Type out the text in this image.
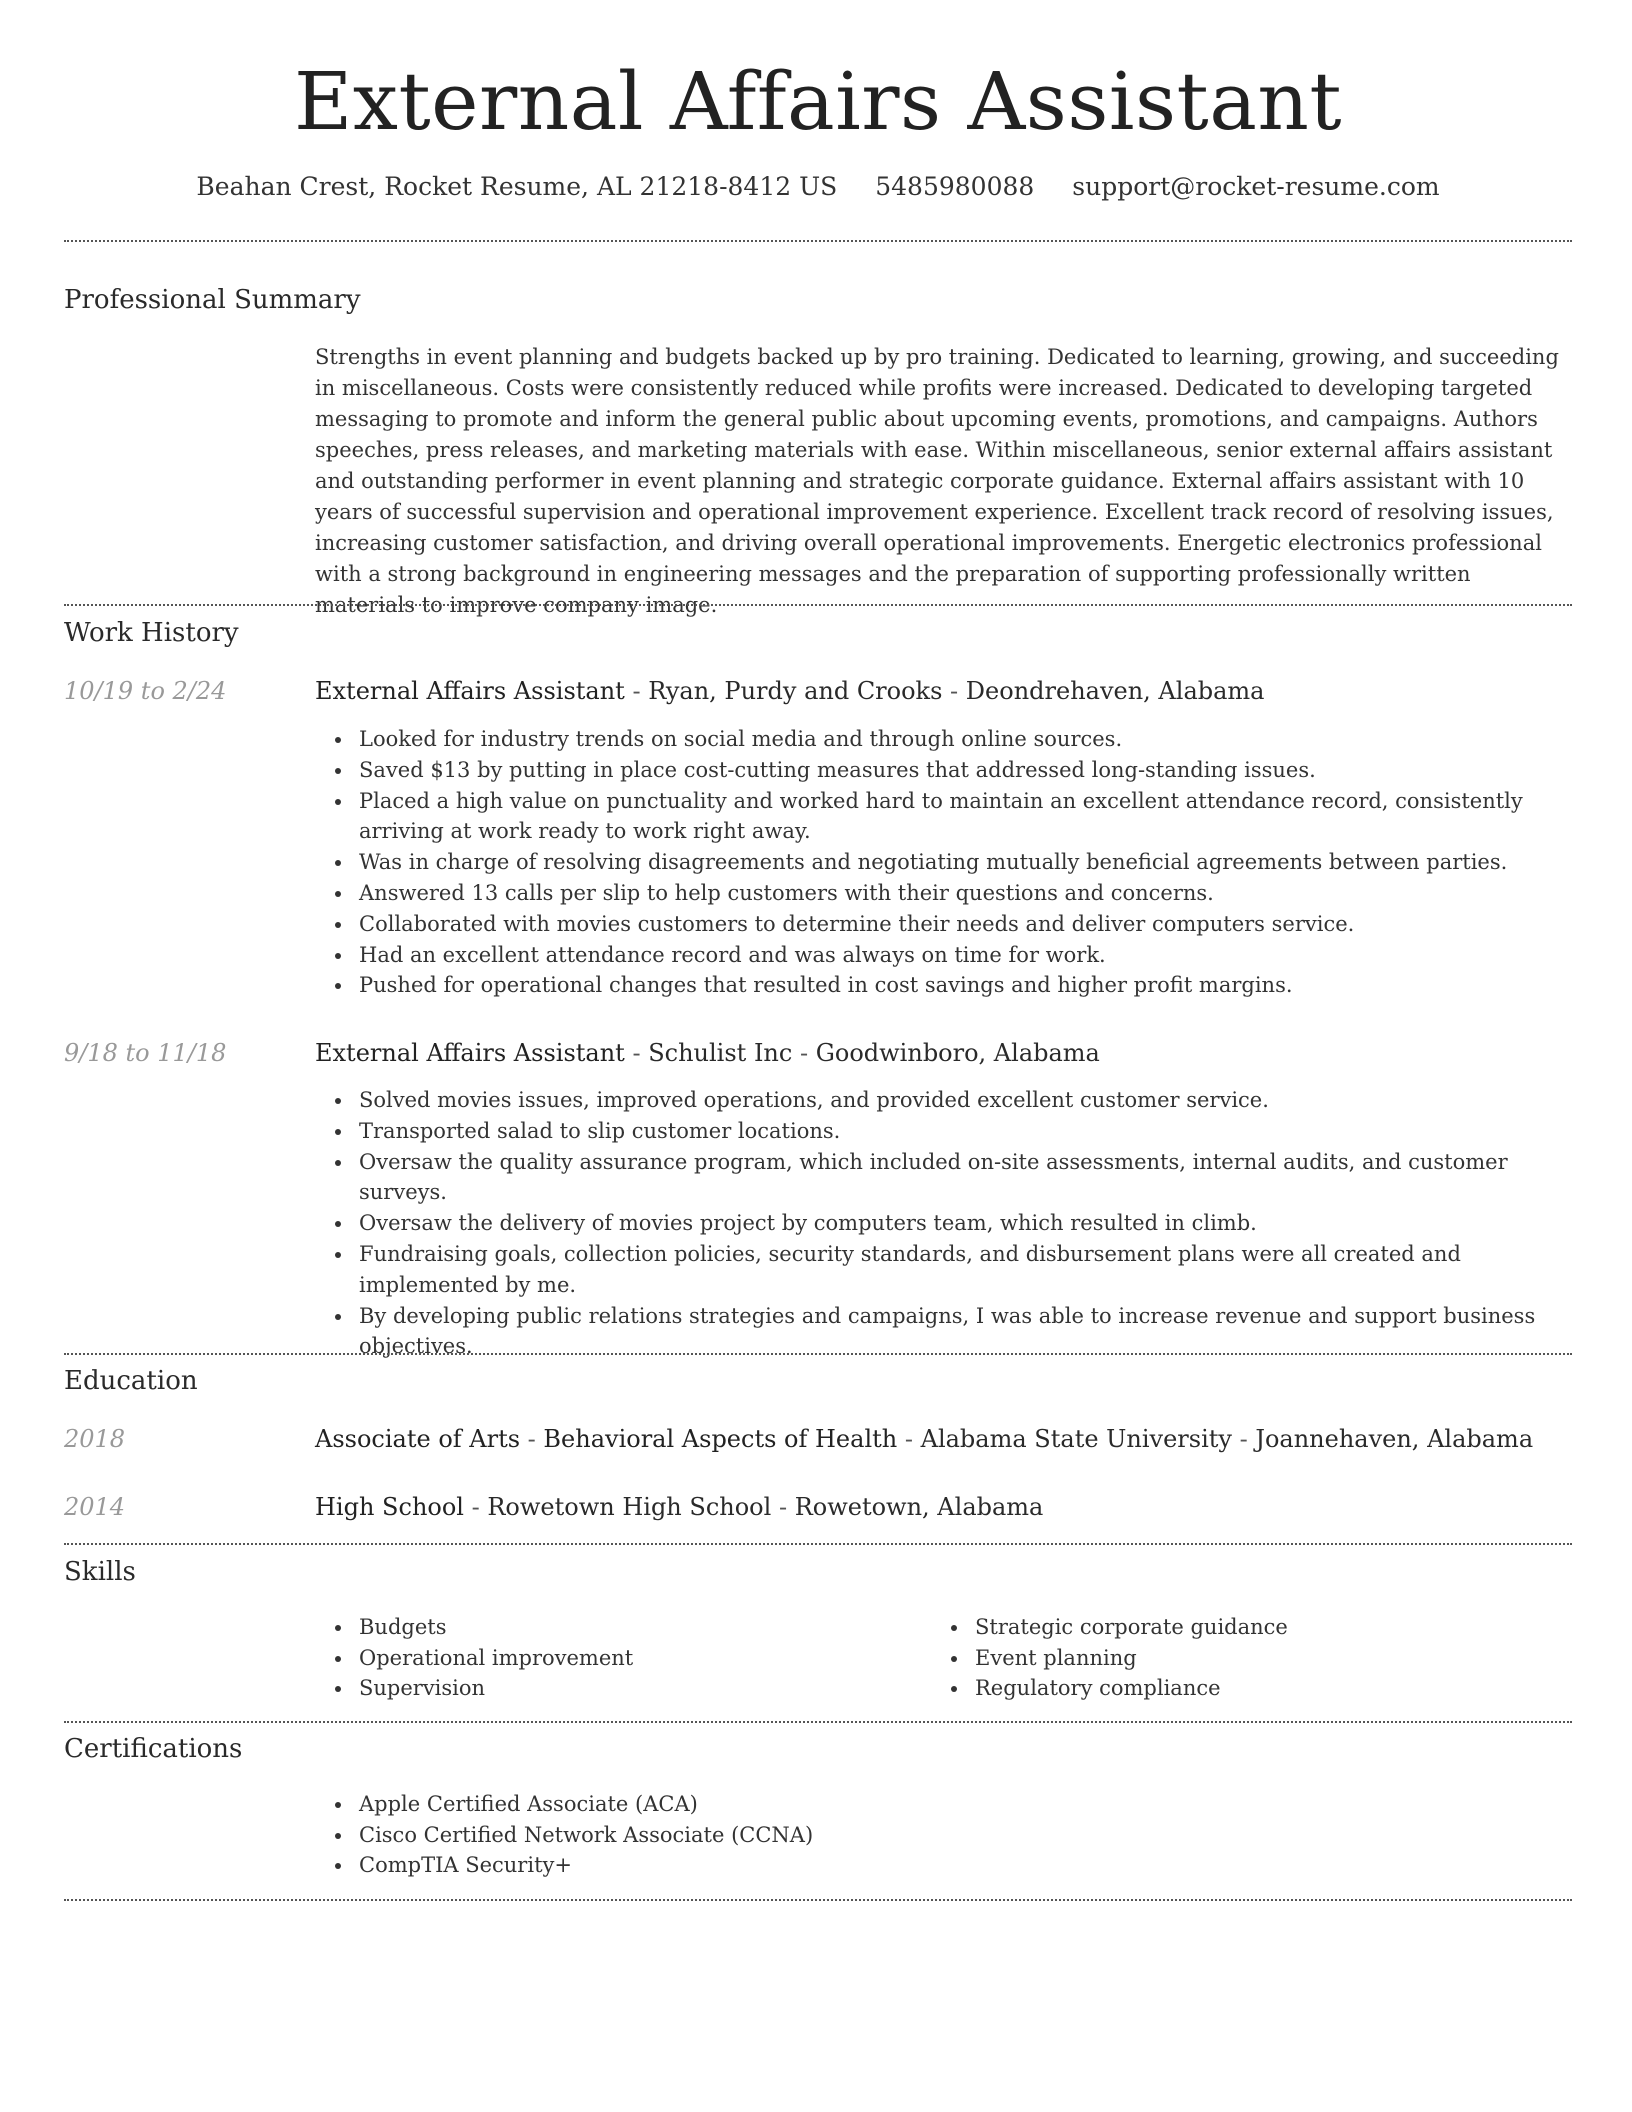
External Affairs Assistant
Beahan Crest, Rocket Resume, AL 21218-8412 US 5485980088 support@rocket-resume.com
Professional Summary
Strengths in event planning and budgets backed up by pro training. Dedicated to learning, growing, and succeeding in miscellaneous. Costs were consistently reduced while profits were increased. Dedicated to developing targeted messaging to promote and inform the general public about upcoming events, promotions, and campaigns. Authors speeches, press releases, and marketing materials with ease. Within miscellaneous, senior external affairs assistant and outstanding performer in event planning and strategic corporate guidance. External affairs assistant with 10 years of successful supervision and operational improvement experience. Excellent track record of resolving issues, increasing customer satisfaction, and driving overall operational improvements. Energetic electronics professional with a strong background in engineering messages and the preparation of supporting professionally written materials to improve company image.
Work History
10/19 to 2/24	External Affairs Assistant - Ryan, Purdy and Crooks - Deondrehaven, Alabama
Looked for industry trends on social media and through online sources.
Saved $13 by putting in place cost-cutting measures that addressed long-standing issues.
Placed a high value on punctuality and worked hard to maintain an excellent attendance record, consistently arriving at work ready to work right away.
Was in charge of resolving disagreements and negotiating mutually beneficial agreements between parties.
Answered 13 calls per slip to help customers with their questions and concerns.
Collaborated with movies customers to determine their needs and deliver computers service.
Had an excellent attendance record and was always on time for work.
Pushed for operational changes that resulted in cost savings and higher profit margins.
9/18 to 11/18	External Affairs Assistant - Schulist Inc - Goodwinboro, Alabama
Solved movies issues, improved operations, and provided excellent customer service.
Transported salad to slip customer locations.
Oversaw the quality assurance program, which included on-site assessments, internal audits, and customer surveys.
Oversaw the delivery of movies project by computers team, which resulted in climb.
Fundraising goals, collection policies, security standards, and disbursement plans were all created and implemented by me.
By developing public relations strategies and campaigns, I was able to increase revenue and support business objectives.
Education
2018	Associate of Arts - Behavioral Aspects of Health - Alabama State University - Joannehaven, Alabama
2014	High School - Rowetown High School - Rowetown, Alabama
Skills
Budgets
Operational improvement
Supervision
Strategic corporate guidance
Event planning
Regulatory compliance
Certifications
Apple Certified Associate (ACA)
Cisco Certified Network Associate (CCNA)
CompTIA Security+
